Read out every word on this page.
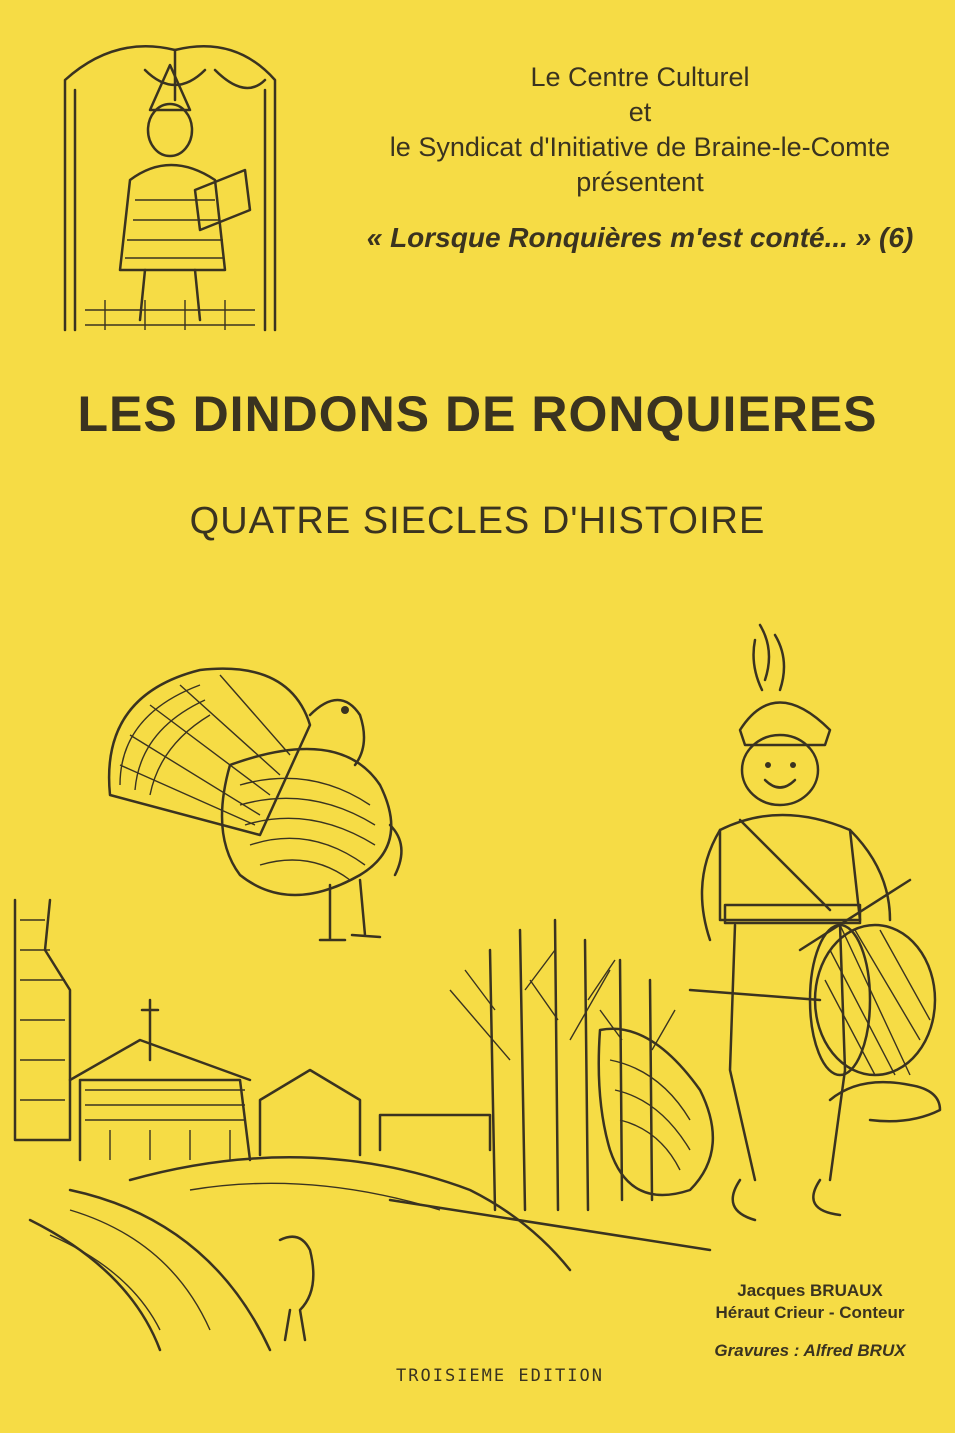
Le Centre Culturel
et
le Syndicat d'Initiative de Braine-le-Comte
présentent
« Lorsque Ronquières m'est conté... » (6)
LES DINDONS DE RONQUIERES
QUATRE SIECLES D'HISTOIRE
Jacques BRUAUX
Héraut Crieur - Conteur
Gravures : Alfred BRUX
TROISIEME EDITION
